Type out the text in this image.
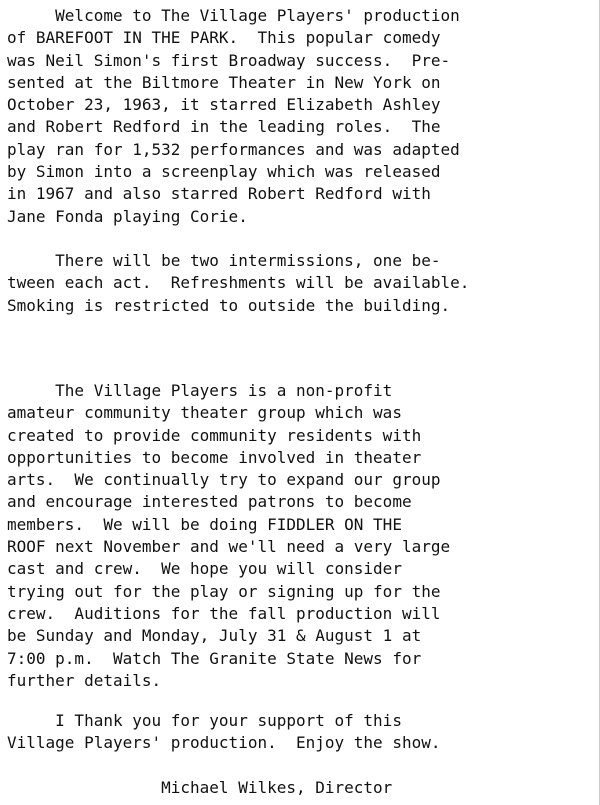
Welcome to The Village Players' production
of BAREFOOT IN THE PARK.  This popular comedy
was Neil Simon's first Broadway success.  Pre-
sented at the Biltmore Theater in New York on
October 23, 1963, it starred Elizabeth Ashley
and Robert Redford in the leading roles.  The
play ran for 1,532 performances and was adapted
by Simon into a screenplay which was released
in 1967 and also starred Robert Redford with
Jane Fonda playing Corie.

There will be two intermissions, one be-
tween each act.  Refreshments will be available.
Smoking is restricted to outside the building.

The Village Players is a non-profit
amateur community theater group which was
created to provide community residents with
opportunities to become involved in theater
arts.  We continually try to expand our group
and encourage interested patrons to become
members.  We will be doing FIDDLER ON THE
ROOF next November and we'll need a very large
cast and crew.  We hope you will consider
trying out for the play or signing up for the
crew.  Auditions for the fall production will
be Sunday and Monday, July 31 & August 1 at
7:00 p.m.  Watch The Granite State News for
further details.

I Thank you for your support of this
Village Players' production.  Enjoy the show.

Michael Wilkes, Director
